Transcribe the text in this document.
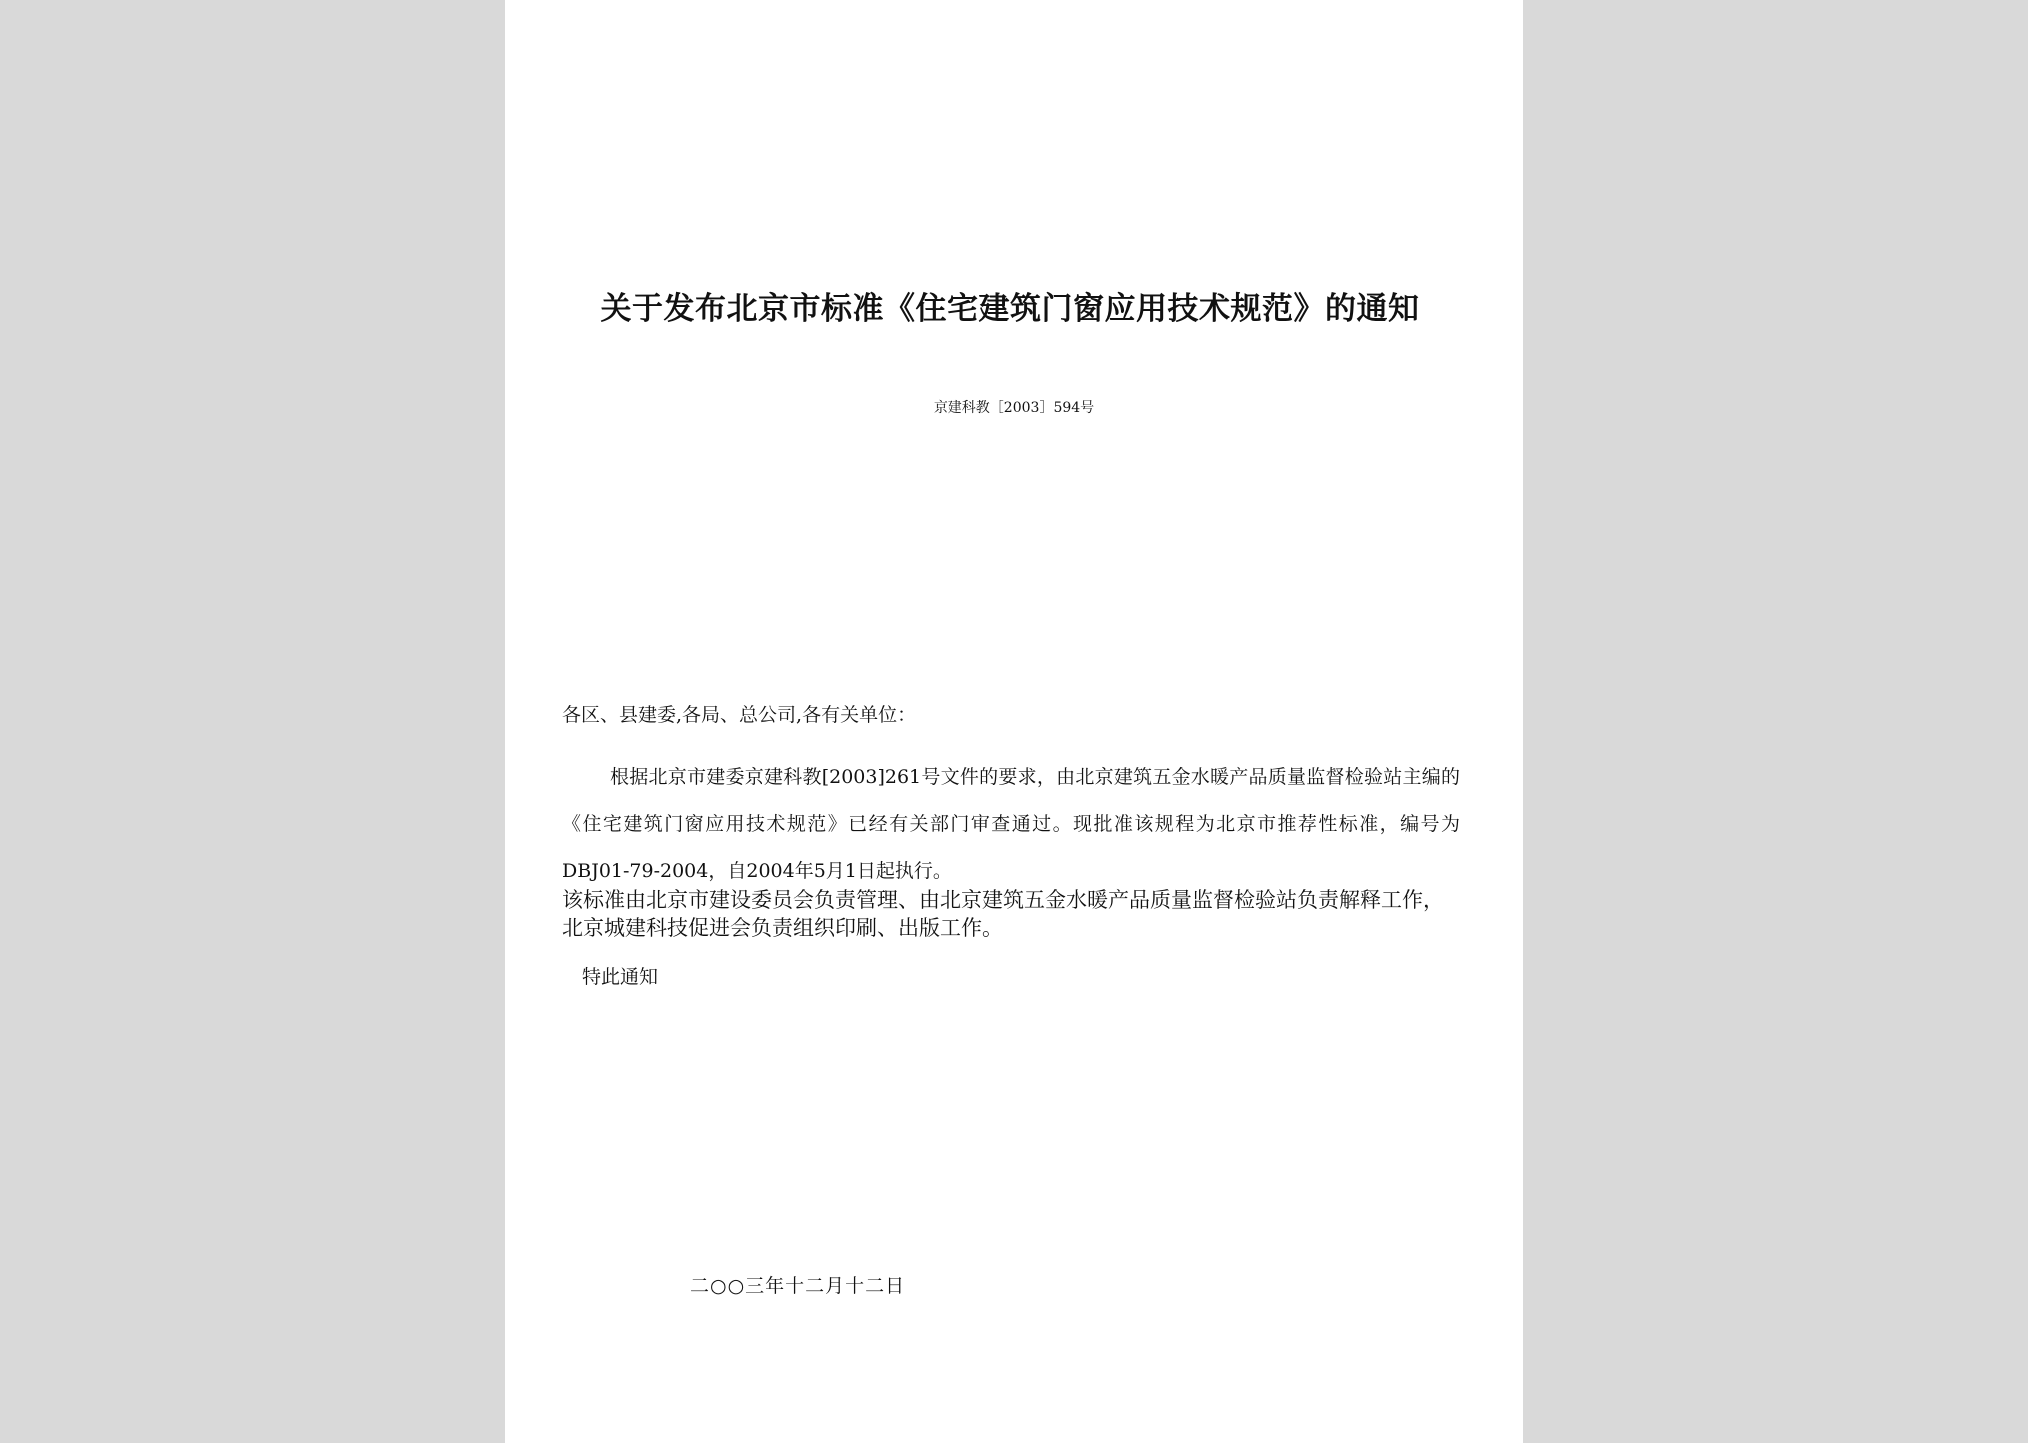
关于发布北京市标准《住宅建筑门窗应用技术规范》的通知
京建科教［2003］594号
各区、县建委,各局、总公司,各有关单位：
根据北京市建委京建科教[2003]261号文件的要求，由北京建筑五金水暖产品质量监督检验站主编的《住宅建筑门窗应用技术规范》已经有关部门审查通过。现批准该规程为北京市推荐性标准，编号为DBJ01-79-2004，自2004年5月1日起执行。
该标准由北京市建设委员会负责管理、由北京建筑五金水暖产品质量监督检验站负责解释工作，北京城建科技促进会负责组织印刷、出版工作。
特此通知
二○○三年十二月十二日
